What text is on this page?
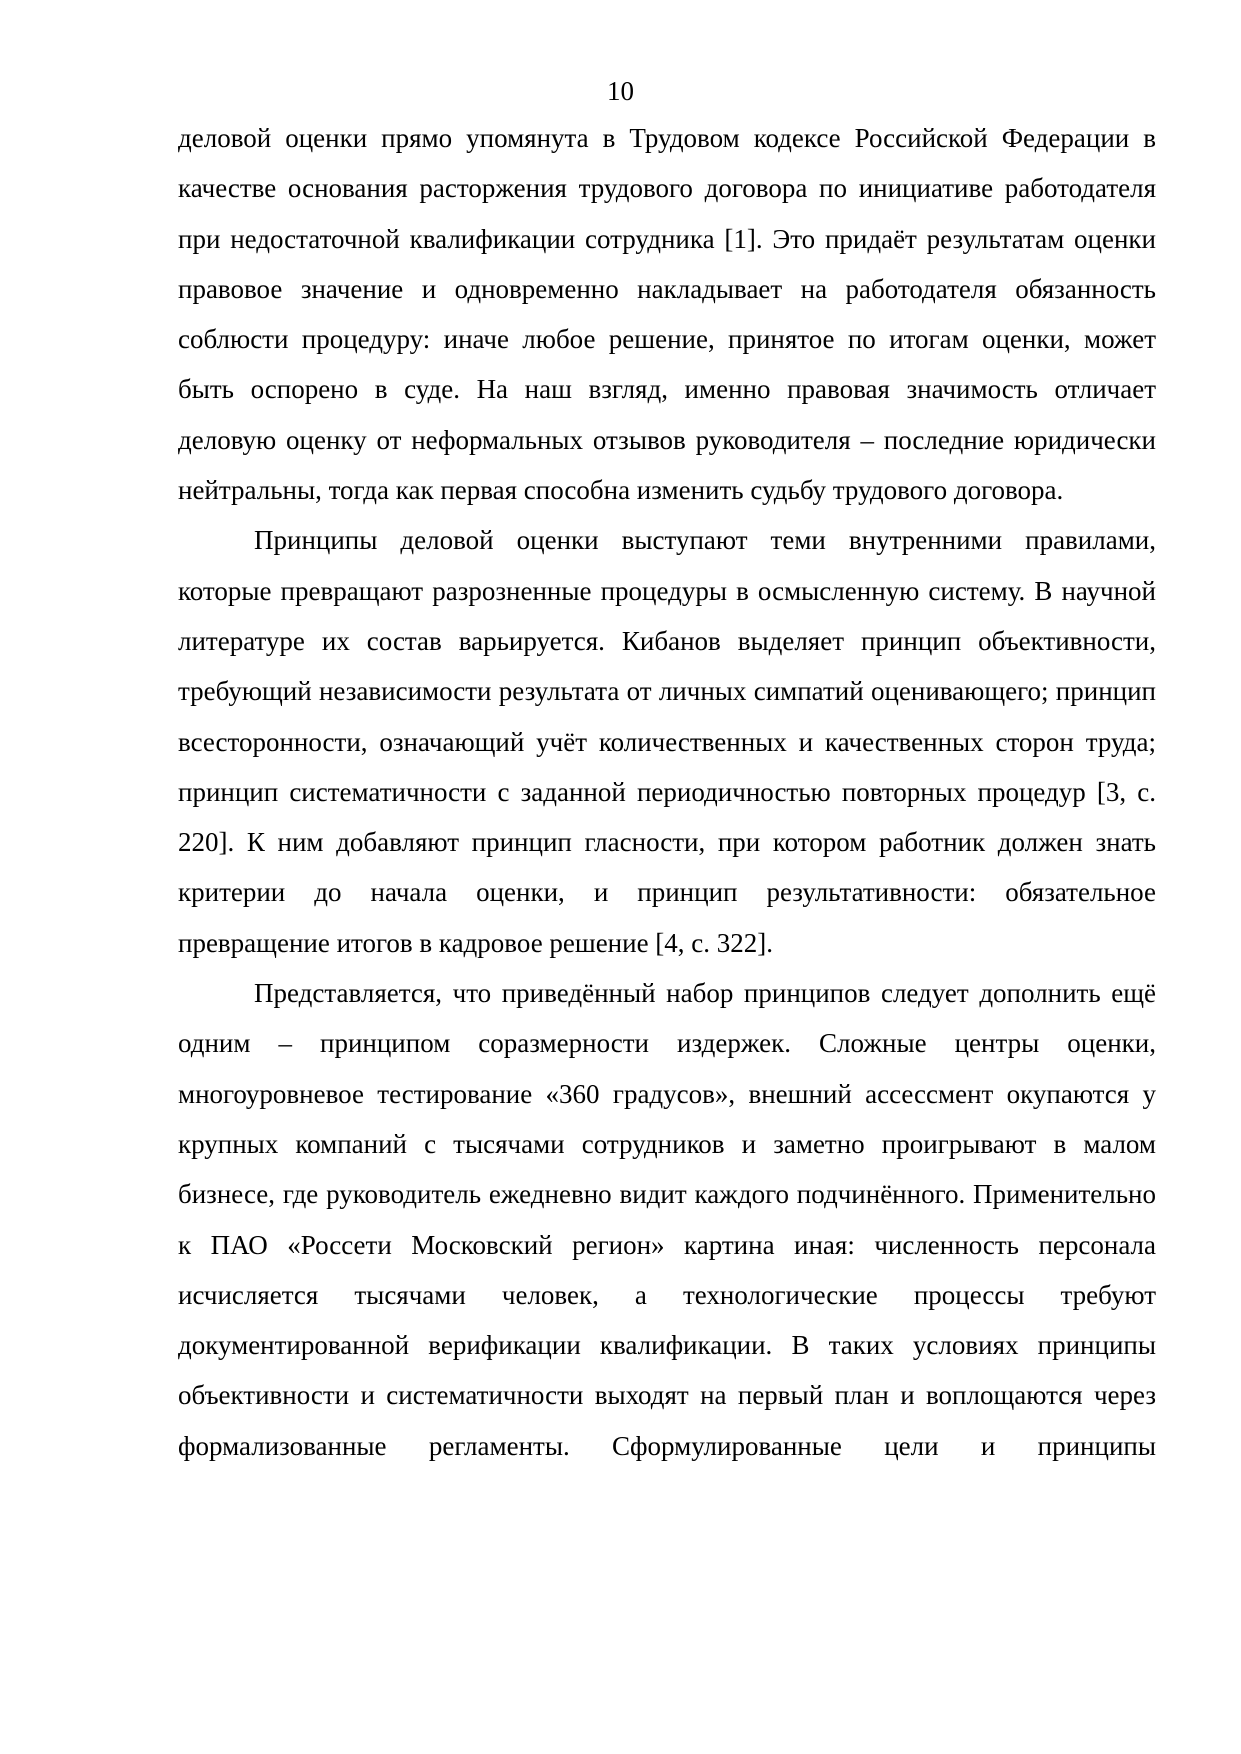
10

деловой оценки прямо упомянута в Трудовом кодексе Российской Федерации в качестве основания расторжения трудового договора по инициативе работодателя при недостаточной квалификации сотрудника [1]. Это придаёт результатам оценки правовое значение и одновременно накладывает на работодателя обязанность соблюсти процедуру: иначе любое решение, принятое по итогам оценки, может быть оспорено в суде. На наш взгляд, именно правовая значимость отличает деловую оценку от неформальных отзывов руководителя – последние юридически нейтральны, тогда как первая способна изменить судьбу трудового договора.

Принципы деловой оценки выступают теми внутренними правилами, которые превращают разрозненные процедуры в осмысленную систему. В научной литературе их состав варьируется. Кибанов выделяет принцип объективности, требующий независимости результата от личных симпатий оценивающего; принцип всесторонности, означающий учёт количественных и качественных сторон труда; принцип систематичности с заданной периодичностью повторных процедур [3, с. 220]. К ним добавляют принцип гласности, при котором работник должен знать критерии до начала оценки, и принцип результативности: обязательное превращение итогов в кадровое решение [4, с. 322].

Представляется, что приведённый набор принципов следует дополнить ещё одним – принципом соразмерности издержек. Сложные центры оценки, многоуровневое тестирование «360 градусов», внешний ассессмент окупаются у крупных компаний с тысячами сотрудников и заметно проигрывают в малом бизнесе, где руководитель ежедневно видит каждого подчинённого. Применительно к ПАО «Россети Московский регион» картина иная: численность персонала исчисляется тысячами человек, а технологические процессы требуют документированной верификации квалификации. В таких условиях принципы объективности и систематичности выходят на первый план и воплощаются через формализованные регламенты. Сформулированные цели и принципы
